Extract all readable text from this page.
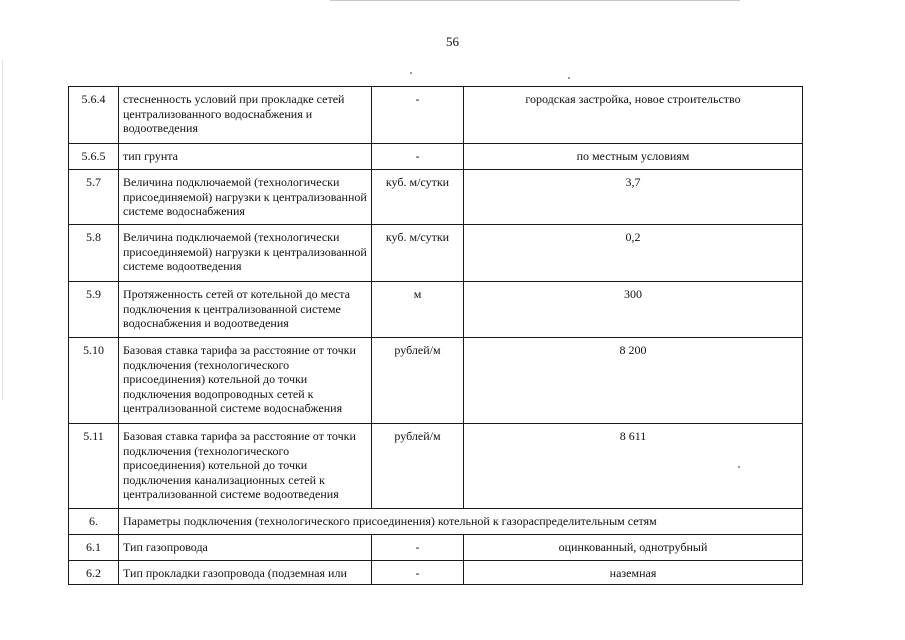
56
5.6.4	стесненность условий при прокладке сетей централизованного водоснабжения и водоотведения	-	городская застройка, новое строительство
5.6.5	тип грунта	-	по местным условиям
5.7	Величина подключаемой (технологически присоединяемой) нагрузки к централизованной системе водоснабжения	куб. м/сутки	3,7
5.8	Величина подключаемой (технологически присоединяемой) нагрузки к централизованной системе водоотведения	куб. м/сутки	0,2
5.9	Протяженность сетей от котельной до места подключения к централизованной системе водоснабжения и водоотведения	м	300
5.10	Базовая ставка тарифа за расстояние от точки подключения (технологического присоединения) котельной до точки подключения водопроводных сетей к централизованной системе водоснабжения	рублей/м	8 200
5.11	Базовая ставка тарифа за расстояние от точки подключения (технологического присоединения) котельной до точки подключения канализационных сетей к централизованной системе водоотведения	рублей/м	8 611
6.	Параметры подключения (технологического присоединения) котельной к газораспределительным сетям		
6.1	Тип газопровода	-	оцинкованный, однотрубный
6.2	Тип прокладки газопровода (подземная или	-	наземная
